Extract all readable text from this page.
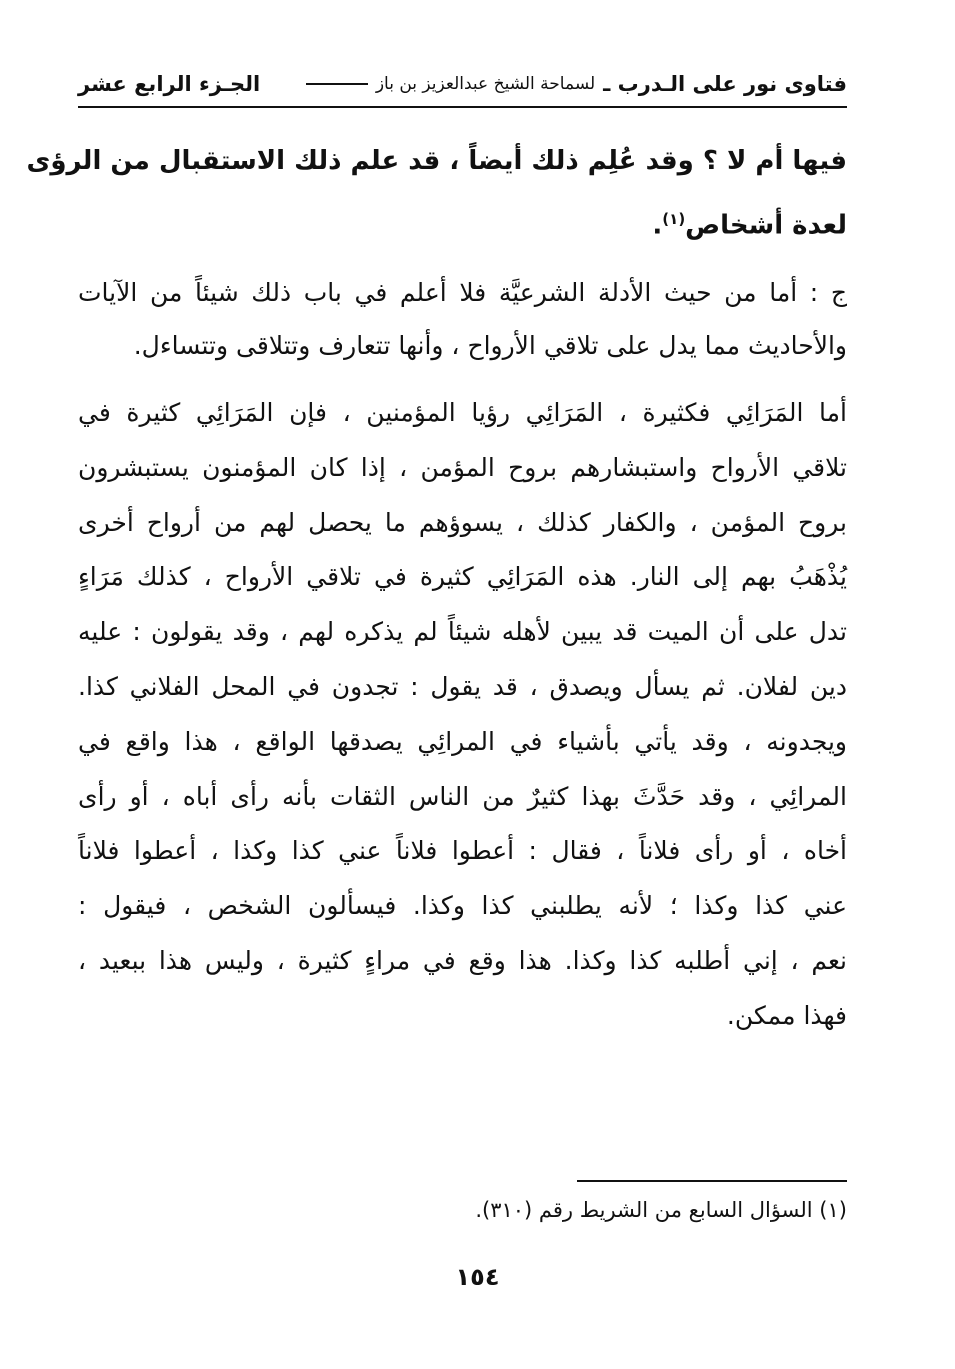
فتاوى نور على الـدرب ـ
لسماحة الشيخ عبدالعزيز بن باز
الجـزء الرابع عشر
فيها أم لا ؟ وقد عُلِم ذلك أيضاً ، قد علم ذلك الاستقبال من الرؤى
لعدة أشخاص$^{(١)}$.
ج : أما من حيث الأدلة الشرعيَّة فلا أعلم في باب ذلك شيئاً من الآيات
والأحاديث مما يدل على تلاقي الأرواح ، وأنها تتعارف وتتلاقى وتتساءل.
أما المَرَائِي فكثيرة ، المَرَائِي رؤيا المؤمنين ، فإن المَرَائِي كثيرة في
تلاقي الأرواح واستبشارهم بروح المؤمن ، إذا كان المؤمنون يستبشرون
بروح المؤمن ، والكفار كذلك ، يسوؤهم ما يحصل لهم من أرواح أخرى
يُذْهَبُ بهم إلى النار. هذه المَرَائِي كثيرة في تلاقي الأرواح ، كذلك مَرَاءٍ
تدل على أن الميت قد يبين لأهله شيئاً لم يذكره لهم ، وقد يقولون : عليه
دين لفلان. ثم يسأل ويصدق ، قد يقول : تجدون في المحل الفلاني كذا.
ويجدونه ، وقد يأتي بأشياء في المرائِي يصدقها الواقع ، هذا واقع في
المرائِي ، وقد حَدَّثَ بهذا كثيرٌ من الناس الثقات بأنه رأى أباه ، أو رأى
أخاه ، أو رأى فلاناً ، فقال : أعطوا فلاناً عني كذا وكذا ، أعطوا فلاناً
عني كذا وكذا ؛ لأنه يطلبني كذا وكذا. فيسألون الشخص ، فيقول :
نعم ، إني أطلبه كذا وكذا. هذا وقع في مراءٍ كثيرة ، وليس هذا ببعيد ،
فهذا ممكن.
(١) السؤال السابع من الشريط رقم (٣١٠).
١٥٤
